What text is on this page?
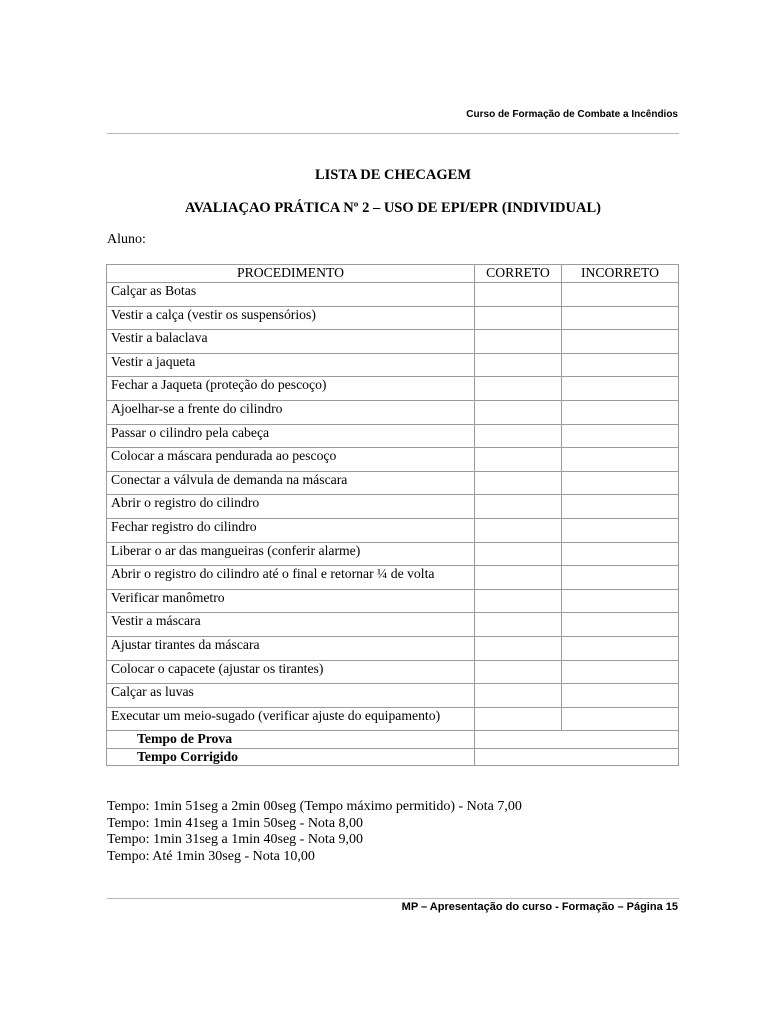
Curso de Formação de Combate a Incêndios
LISTA DE CHECAGEM
AVALIAÇAO PRÁTICA Nº 2 – USO DE EPI/EPR (INDIVIDUAL)
Aluno:
PROCEDIMENTO	CORRETO	INCORRETO
Calçar as Botas		
Vestir a calça (vestir os suspensórios)		
Vestir a balaclava		
Vestir a jaqueta		
Fechar a Jaqueta (proteção do pescoço)		
Ajoelhar-se a frente do cilindro		
Passar o cilindro pela cabeça		
Colocar a máscara pendurada ao pescoço		
Conectar a válvula de demanda na máscara		
Abrir o registro do cilindro		
Fechar registro do cilindro		
Liberar o ar das mangueiras (conferir alarme)		
Abrir o registro do cilindro até o final e retornar ¼ de volta		
Verificar manômetro		
Vestir a máscara		
Ajustar tirantes da máscara		
Colocar o capacete (ajustar os tirantes)		
Calçar as luvas		
Executar um meio-sugado (verificar ajuste do equipamento)		
Tempo de Prova		
Tempo Corrigido		
Tempo: 1min 51seg a 2min 00seg (Tempo máximo permitido) - Nota 7,00
Tempo: 1min 41seg a 1min 50seg - Nota 8,00
Tempo: 1min 31seg a 1min 40seg - Nota 9,00
Tempo: Até 1min 30seg - Nota 10,00
MP – Apresentação do curso - Formação – Página 15
